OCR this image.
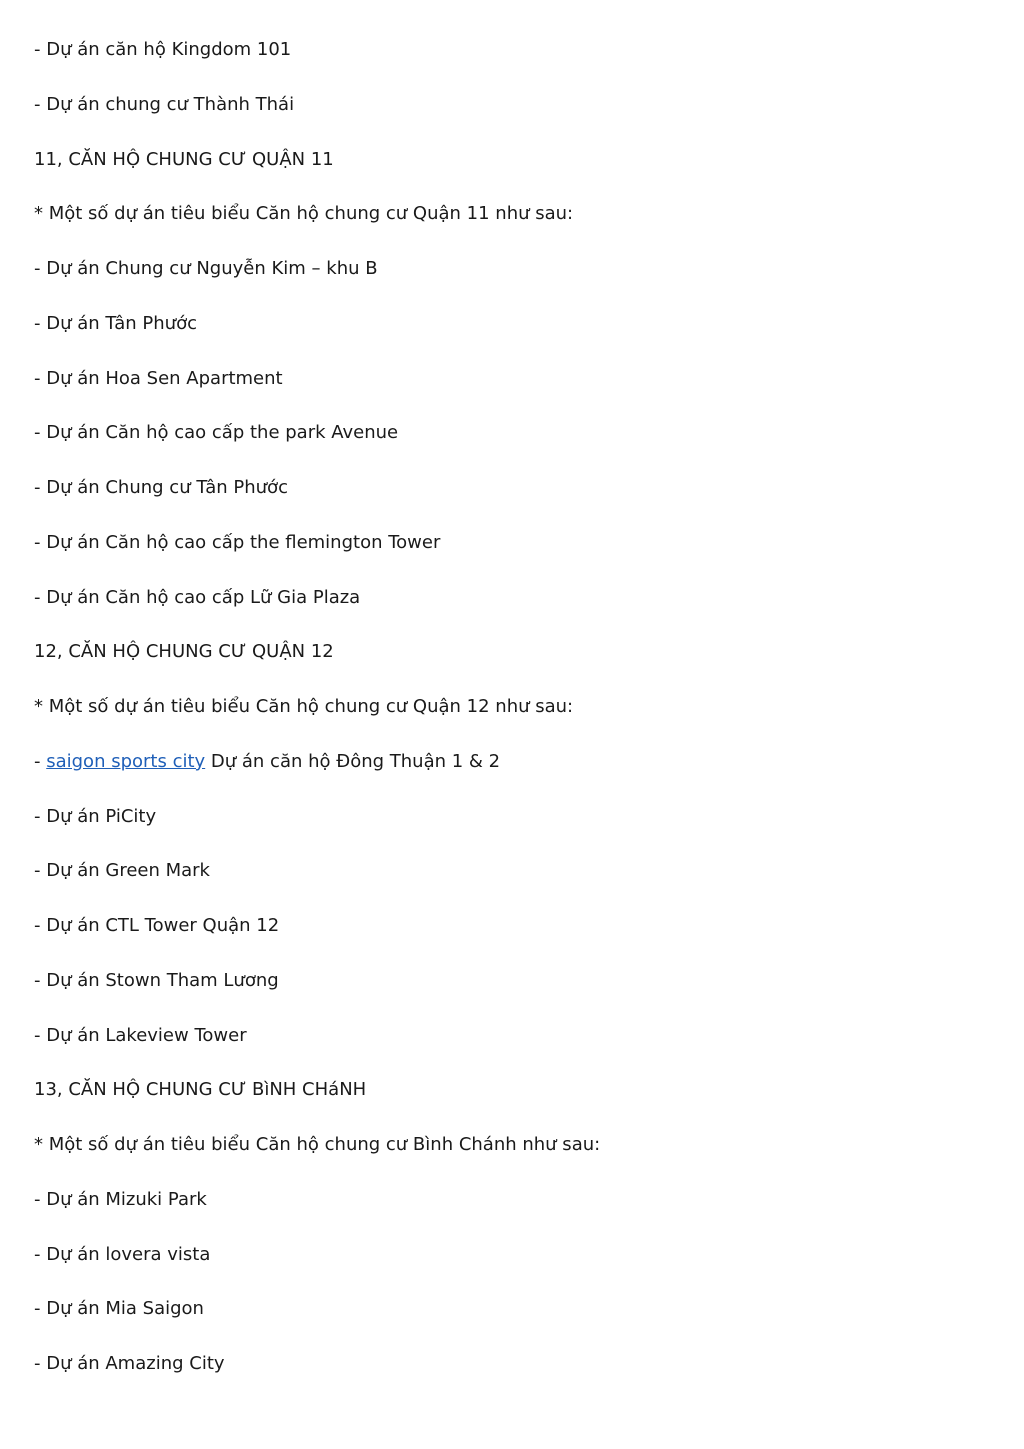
- Dự án căn hộ Kingdom 101
- Dự án chung cư Thành Thái
11, CĂN HỘ CHUNG CƯ QUẬN 11
* Một số dự án tiêu biểu Căn hộ chung cư Quận 11 như sau:
- Dự án Chung cư Nguyễn Kim – khu B
- Dự án Tân Phước
- Dự án Hoa Sen Apartment
- Dự án Căn hộ cao cấp the park Avenue
- Dự án Chung cư Tân Phước
- Dự án Căn hộ cao cấp the flemington Tower
- Dự án Căn hộ cao cấp Lữ Gia Plaza
12, CĂN HỘ CHUNG CƯ QUẬN 12
* Một số dự án tiêu biểu Căn hộ chung cư Quận 12 như sau:
- saigon sports city Dự án căn hộ Đông Thuận 1 & 2
- Dự án PiCity
- Dự án Green Mark
- Dự án CTL Tower Quận 12
- Dự án Stown Tham Lương
- Dự án Lakeview Tower
13, CĂN HỘ CHUNG CƯ BìNH CHáNH
* Một số dự án tiêu biểu Căn hộ chung cư Bình Chánh như sau:
- Dự án Mizuki Park
- Dự án lovera vista
- Dự án Mia Saigon
- Dự án Amazing City
